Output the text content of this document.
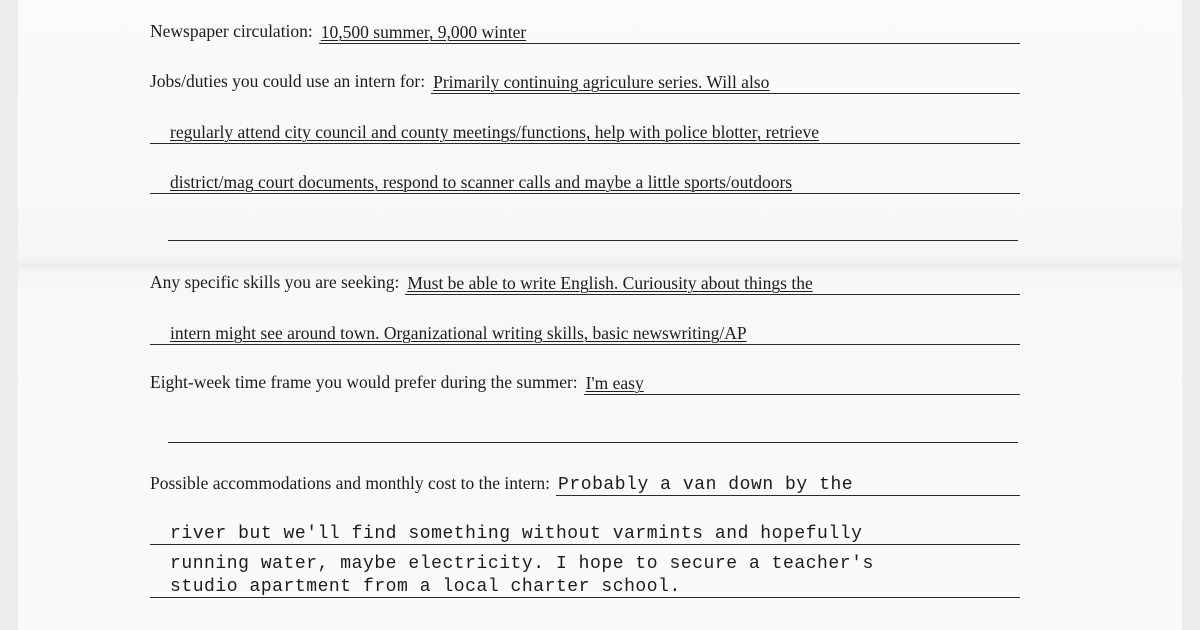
Newspaper circulation: 10,500 summer, 9,000 winter
Jobs/duties you could use an intern for: Primarily continuing agriculure series. Will also
regularly attend city council and county meetings/functions, help with police blotter, retrieve
district/mag court documents, respond to scanner calls and maybe a little sports/outdoors
Any specific skills you are seeking: Must be able to write English. Curiousity about things the
intern might see around town. Organizational writing skills, basic newswriting/AP
Eight-week time frame you would prefer during the summer: I'm easy
Possible accommodations and monthly cost to the intern: Probably a van down by the
river but we'll find something without varmints and hopefully
running water, maybe electricity. I hope to secure a teacher's
studio apartment from a local charter school.
